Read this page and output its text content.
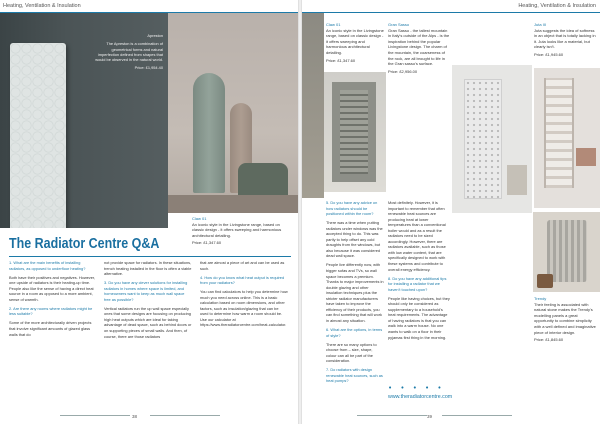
Heating, Ventilation & Insulation
Apreston
The Apreston is a combination of geometrical forms and natural imperfection defined from shapes that would be observed in the natural world.
Price: £1,954.40
Claw 01
An iconic style in the Livingstone range, based on classic design - it offers sweeping and harmonious architectural detailing.
Price: £1,347.60
The Radiator Centre Q&A

1. What are the main benefits of installing radiators, as opposed to underfloor heating?

Both have their positives and negatives. However, one upside of radiators is their heating-up time. People also like the sense of having a direct heat source in a room as opposed to a more ambient, sense of warmth.

2. Are there any rooms where radiators might be less suitable?

Some of the more architecturally driven projects that involve significant amounts of glazed glass walls that do

not provide space for radiators. In these situations, trench heating installed in the floor is often a viable alternative.

3. Do you have any clever solutions for installing radiators in homes where space is limited, and homeowners want to keep as much wall space free as possible?

Vertical radiators run the up wall space especially ones that some designs are focusing on producing high heat outputs which are ideal for taking advantage of dead space, such as behind doors or on supporting pieces of small walls. And then, of course, there are those radiators

that are almost a piece of art and can be used as such.

4. How do you know what heat output is required from your radiators?

You can find calculators to help you determine how much you need across online. This is a basic calculation based on room dimensions, and other factors, such as insulation/glazing that can be used to determine how warm a room should be. Use our calculator at https://www.theradiatorcentre.com/heat-calculator.

38
Heating, Ventilation & Insulation
Claw 01
An iconic style in the Livingstone range, based on classic design - it offers sweeping and harmonious architectural detailing.
Price: £1,347.60

5. Do you have any advice on how radiators should be positioned within the room?

There was a time when putting radiators under windows was the accepted thing to do. This was partly to help offset any cold draughts from the windows, but also because it was considered dead wall space.

People live differently now, with bigger sofas and TVs, so wall space becomes a premium. Thanks to major improvements in double glazing and other insulation techniques plus the stricter radiator manufacturers have taken to improve the efficiency of their products, you can find something that will work in almost any situation.

6. What are the options, in terms of style?

There are so many options to choose from – size, shape, colour can all be part of the consideration.

7. Do radiators with design renewable heat sources, such as heat pumps?

Gran Sasso
Gran Sasso - the tallest mountain in Italy's outside of the Alps - is the inspiration behind the popular Livingstone design. The charm of the mountain, the coarseness of the rock, are all brought to life in the Gran sasso's surface.
Price: £2,956.00

Most definitely. However, it is important to remember that often renewable heat sources are producing heat at lower temperatures than a conventional boiler would and as a result the radiators need to be sized accordingly. However, there are radiators available, such as those with low water content, that are specifically designed to work with these systems and contribute to overall energy efficiency.

8. Do you have any additional tips for installing a radiator that we haven't touched upon?

People like having choices, but they should only be considered as supplementary to a household's heat requirements. The advantage of having radiators is that you can walk into a warm house. No one wants to walk on a floor in their pyjamas first thing in the morning.

• • • • •
www.theradiatorcentre.com
Juta III
Juta suggests the idea of softness in an object that is totally lacking in it. Juta looks like a material, but clearly isn't.
Price: £1,945.60
Trendy
Their feeling is associated with natural stone makes the Trendy's modelling panels a great opportunity to combine simplicity with a well defined and imaginative piece of interior design.
Price: £1,845.60
39
